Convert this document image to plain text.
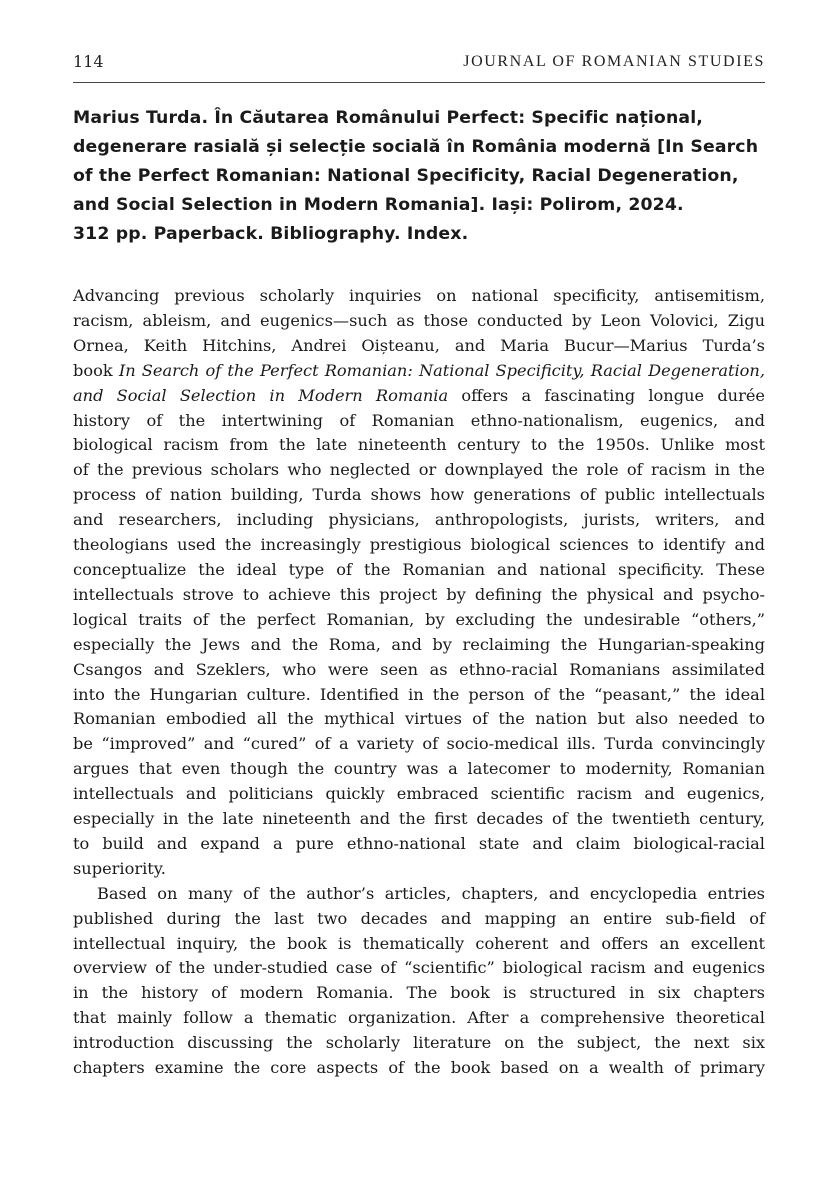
114	JOURNAL OF ROMANIAN STUDIES
Marius Turda. În Căutarea Românului Perfect: Specific național,
degenerare rasială și selecție socială în România modernă [In Search
of the Perfect Romanian: National Specificity, Racial Degeneration,
and Social Selection in Modern Romania]. Iași: Polirom, 2024.
312 pp. Paperback. Bibliography. Index.
Advancing previous scholarly inquiries on national specificity, antisemitism,
racism, ableism, and eugenics—such as those conducted by Leon Volovici, Zigu
Ornea, Keith Hitchins, Andrei Oișteanu, and Maria Bucur—Marius Turda’s
book In Search of the Perfect Romanian: National Specificity, Racial Degeneration,
and Social Selection in Modern Romania offers a fascinating longue durée
history of the intertwining of Romanian ethno-nationalism, eugenics, and
biological racism from the late nineteenth century to the 1950s. Unlike most
of the previous scholars who neglected or downplayed the role of racism in the
process of nation building, Turda shows how generations of public intellectuals
and researchers, including physicians, anthropologists, jurists, writers, and
theologians used the increasingly prestigious biological sciences to identify and
conceptualize the ideal type of the Romanian and national specificity. These
intellectuals strove to achieve this project by defining the physical and psycho-
logical traits of the perfect Romanian, by excluding the undesirable “others,”
especially the Jews and the Roma, and by reclaiming the Hungarian-speaking
Csangos and Szeklers, who were seen as ethno-racial Romanians assimilated
into the Hungarian culture. Identified in the person of the “peasant,” the ideal
Romanian embodied all the mythical virtues of the nation but also needed to
be “improved” and “cured” of a variety of socio-medical ills. Turda convincingly
argues that even though the country was a latecomer to modernity, Romanian
intellectuals and politicians quickly embraced scientific racism and eugenics,
especially in the late nineteenth and the first decades of the twentieth century,
to build and expand a pure ethno-national state and claim biological-racial
superiority.
Based on many of the author’s articles, chapters, and encyclopedia entries
published during the last two decades and mapping an entire sub-field of
intellectual inquiry, the book is thematically coherent and offers an excellent
overview of the under-studied case of “scientific” biological racism and eugenics
in the history of modern Romania. The book is structured in six chapters
that mainly follow a thematic organization. After a comprehensive theoretical
introduction discussing the scholarly literature on the subject, the next six
chapters examine the core aspects of the book based on a wealth of primary
